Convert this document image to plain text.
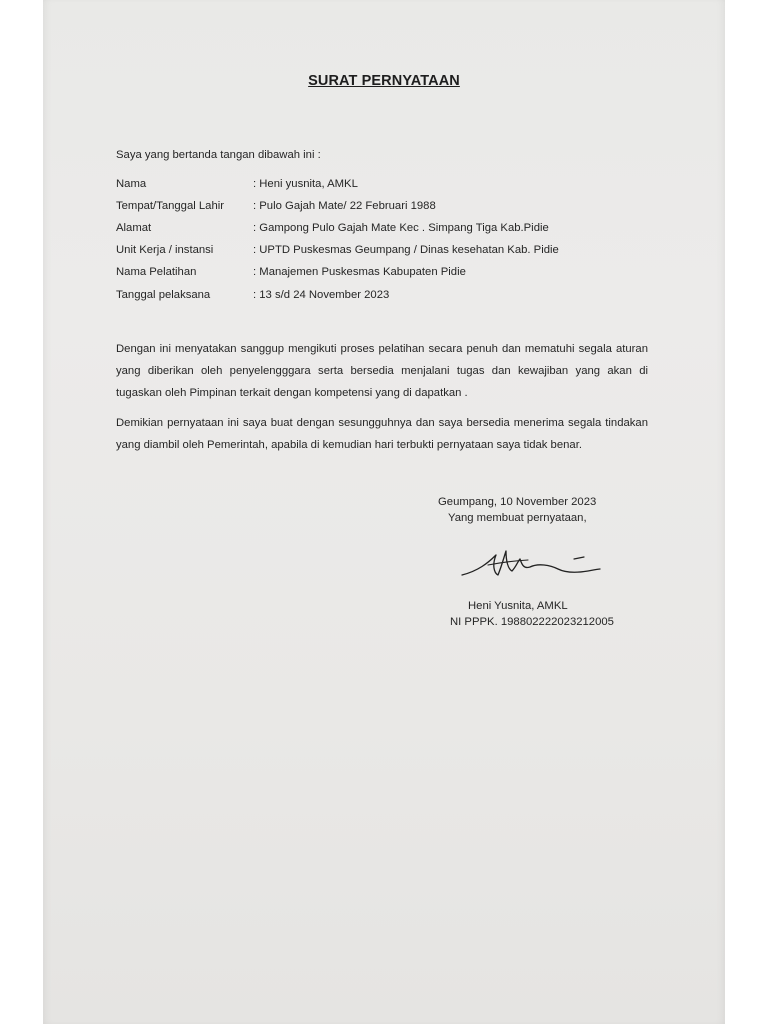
SURAT PERNYATAAN
Saya yang bertanda tangan dibawah ini :
Nama	: Heni yusnita, AMKL
Tempat/Tanggal Lahir	: Pulo Gajah Mate/ 22 Februari 1988
Alamat	: Gampong Pulo Gajah Mate Kec . Simpang Tiga Kab.Pidie
Unit Kerja / instansi	: UPTD Puskesmas Geumpang / Dinas kesehatan Kab. Pidie
Nama Pelatihan	: Manajemen Puskesmas Kabupaten Pidie
Tanggal pelaksana	: 13 s/d 24 November 2023
Dengan ini menyatakan sanggup mengikuti proses pelatihan secara penuh dan mematuhi segala aturan
yang diberikan oleh penyelengggara serta bersedia menjalani tugas dan kewajiban yang akan di
tugaskan oleh Pimpinan terkait dengan kompetensi yang di dapatkan .
Demikian pernyataan ini saya buat dengan sesungguhnya dan saya bersedia menerima segala tindakan
yang diambil oleh Pemerintah, apabila di kemudian hari terbukti pernyataan saya tidak benar.
Geumpang, 10 November 2023
Yang membuat pernyataan,
Heni Yusnita, AMKL
NI PPPK. 198802222023212005
